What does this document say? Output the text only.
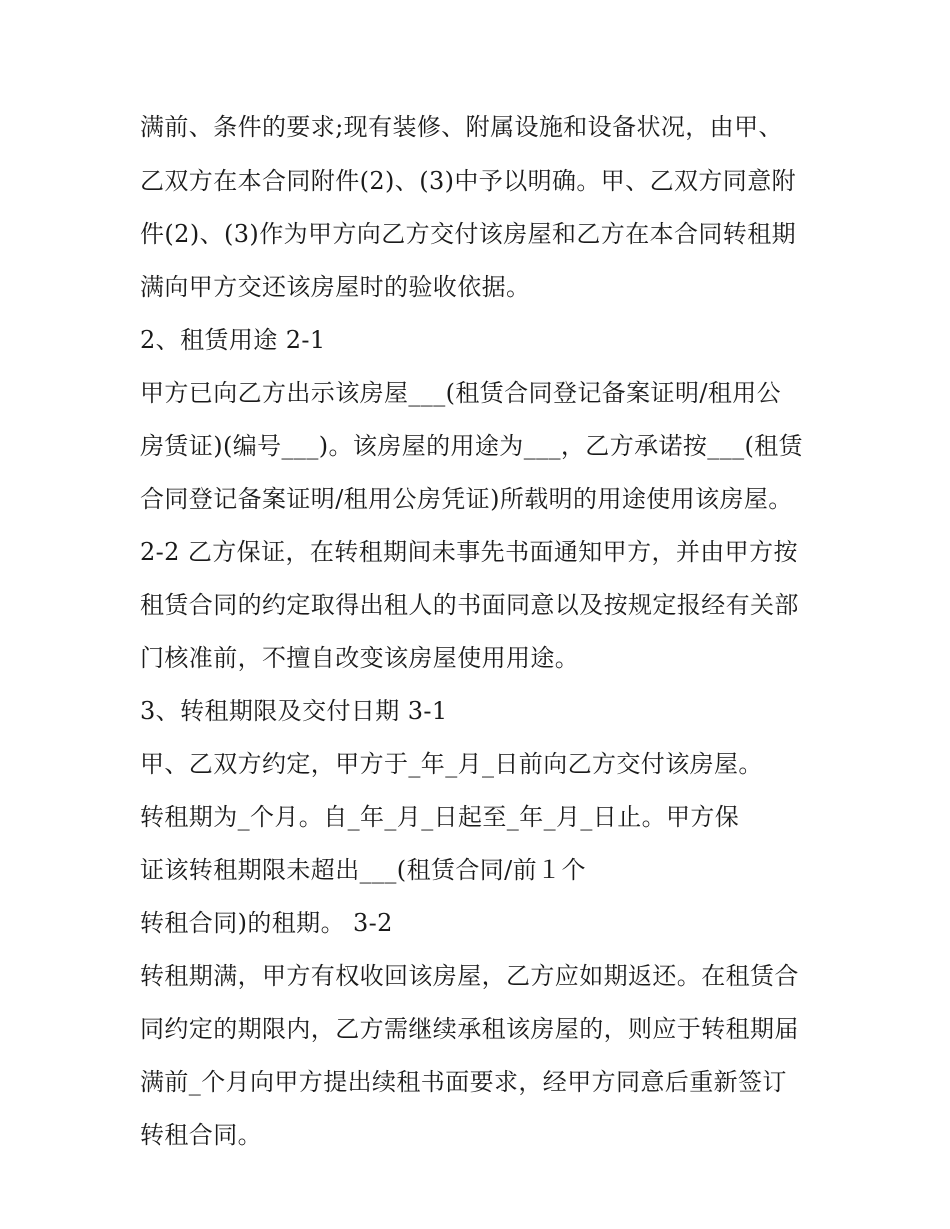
满前、条件的要求;现有装修、附属设施和设备状况，由甲、
乙双方在本合同附件(2)、(3)中予以明确。甲、乙双方同意附
件(2)、(3)作为甲方向乙方交付该房屋和乙方在本合同转租期
满向甲方交还该房屋时的验收依据。
2、租赁用途 2-1
甲方已向乙方出示该房屋___(租赁合同登记备案证明/租用公
房赁证)(编号___)。该房屋的用途为___，乙方承诺按___(租赁
合同登记备案证明/租用公房凭证)所载明的用途使用该房屋。
2-2 乙方保证，在转租期间未事先书面通知甲方，并由甲方按
租赁合同的约定取得出租人的书面同意以及按规定报经有关部
门核准前，不擅自改变该房屋使用用途。
3、转租期限及交付日期 3-1
甲、乙双方约定，甲方于_年_月_日前向乙方交付该房屋。
转租期为_个月。自_年_月_日起至_年_月_日止。甲方保
证该转租期限未超出___(租赁合同/前１个
转租合同)的租期。 3-2
转租期满，甲方有权收回该房屋，乙方应如期返还。在租赁合
同约定的期限内，乙方需继续承租该房屋的，则应于转租期届
满前_个月向甲方提出续租书面要求，经甲方同意后重新签订
转租合同。
